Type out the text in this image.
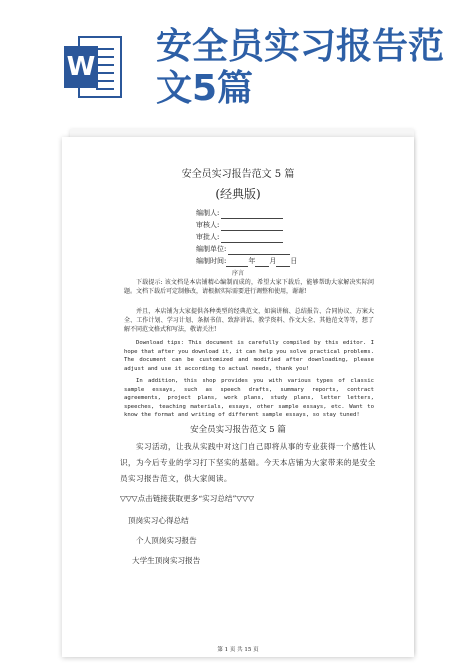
W 安全员实习报告范文5篇
安全员实习报告范文 5 篇
(经典版)
编制人:
审核人:
审批人:
编制单位:
编制时间:	年 月 日
序言

下载提示: 该文档是本店铺精心编制而成的，希望大家下载后，能够帮助大家解决实际问题。文档下载后可定制修改，请根据实际需要进行调整和使用，谢谢!

并且，本店铺为大家提供各种类型的经典范文，如演讲稿、总结报告、合同协议、方案大全、工作计划、学习计划、条据书信、致辞讲话、教学资料、作文大全、其他范文等等，想了解不同范文格式和写法，敬请关注!

Download tips: This document is carefully compiled by this editor. I hope that after you download it, it can help you solve practical problems. The document can be customized and modified after downloading, please adjust and use it according to actual needs, thank you!

In addition, this shop provides you with various types of classic sample essays, such as speech drafts, summary reports, contract agreements, project plans, work plans, study plans, letter letters, speeches, teaching materials, essays, other sample essays, etc. Want to know the format and writing of different sample essays, so stay tuned!

安全员实习报告范文 5 篇

实习活动，让我从实践中对这门自己即将从事的专业获得一个感性认识，为今后专业的学习打下坚实的基础。今天本店铺为大家带来的是安全员实习报告范文，供大家阅读。

▽▽▽点击链接获取更多“实习总结”▽▽▽
顶岗实习心得总结
个人顶岗实习报告
大学生顶岗实习报告
第 1 页 共 15 页
